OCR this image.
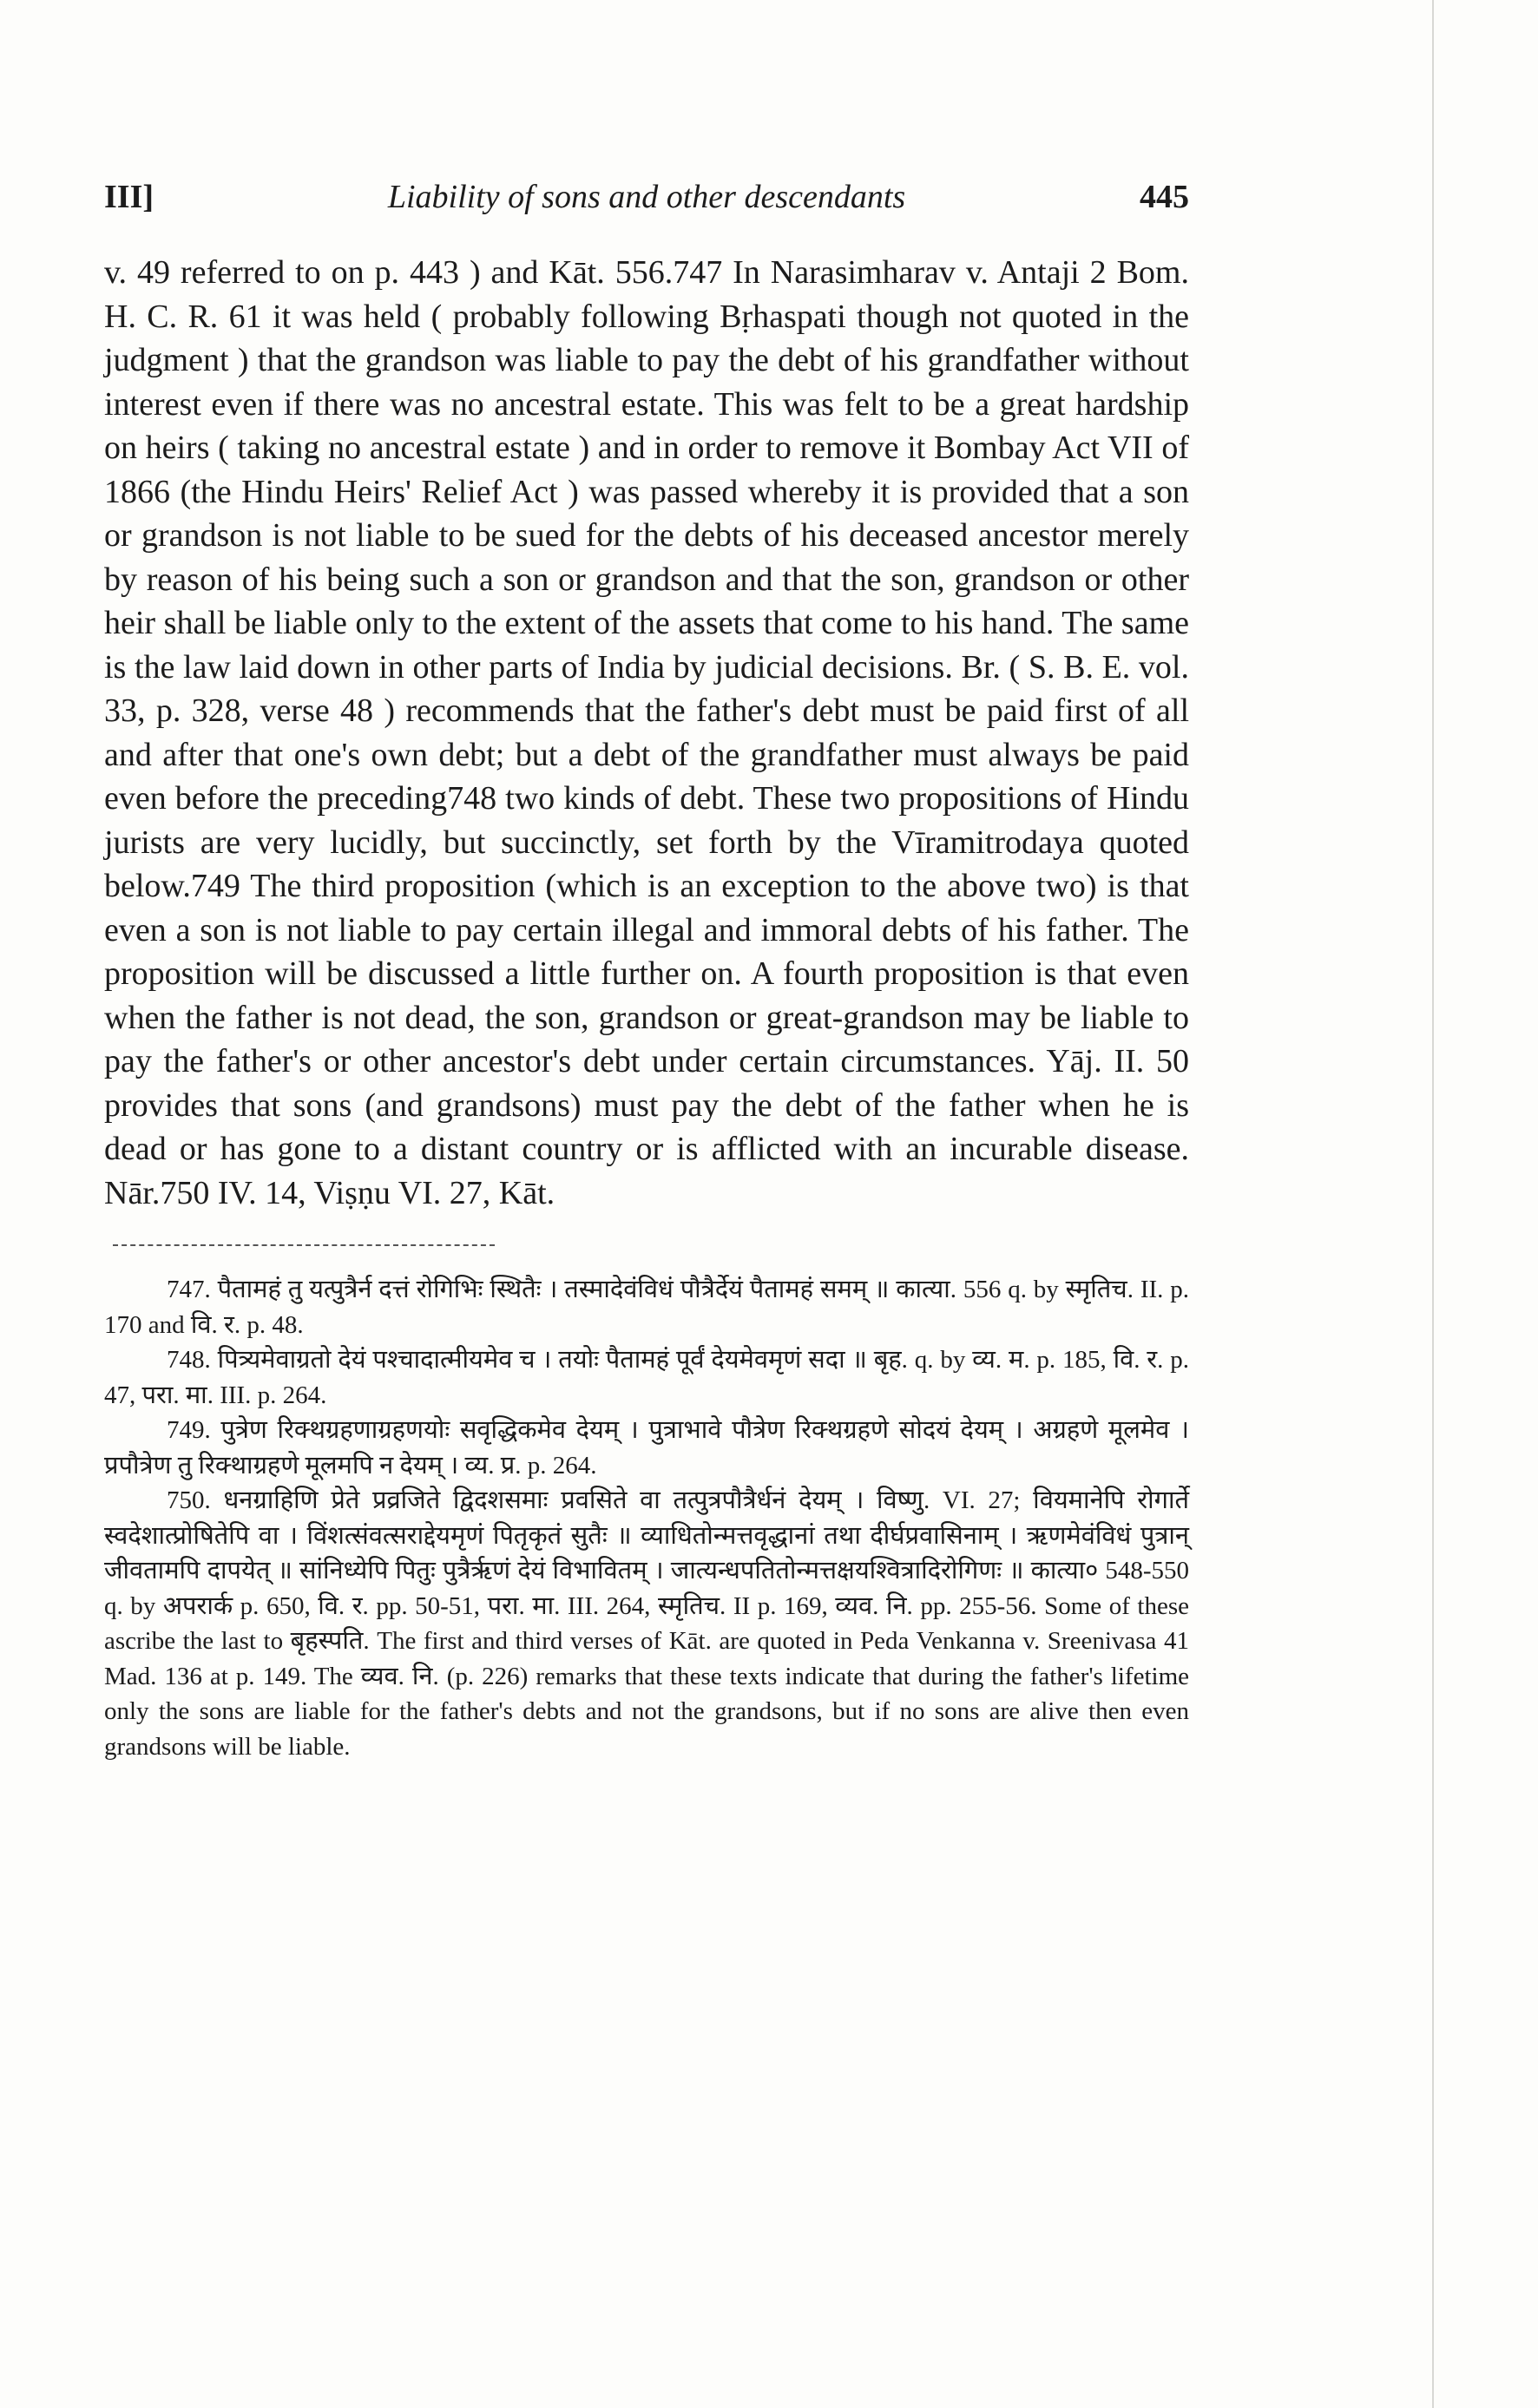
III]	Liability of sons and other descendants	445

v. 49 referred to on p. 443 ) and Kāt. 556.747 In Narasimharav v. Antaji 2 Bom. H. C. R. 61 it was held ( probably following Bṛhaspati though not quoted in the judgment ) that the grandson was liable to pay the debt of his grandfather without interest even if there was no ancestral estate. This was felt to be a great hardship on heirs ( taking no ancestral estate ) and in order to remove it Bombay Act VII of 1866 (the Hindu Heirs' Relief Act ) was passed whereby it is provided that a son or grandson is not liable to be sued for the debts of his deceased ancestor merely by reason of his being such a son or grandson and that the son, grandson or other heir shall be liable only to the extent of the assets that come to his hand. The same is the law laid down in other parts of India by judicial decisions. Br. ( S. B. E. vol. 33, p. 328, verse 48 ) recommends that the father's debt must be paid first of all and after that one's own debt; but a debt of the grandfather must always be paid even before the preceding748 two kinds of debt. These two propositions of Hindu jurists are very lucidly, but succinctly, set forth by the Vīramitrodaya quoted below.749 The third proposition (which is an exception to the above two) is that even a son is not liable to pay certain illegal and immoral debts of his father. The proposition will be discussed a little further on. A fourth proposition is that even when the father is not dead, the son, grandson or great-grandson may be liable to pay the father's or other ancestor's debt under certain circumstances. Yāj. II. 50 provides that sons (and grandsons) must pay the debt of the father when he is dead or has gone to a distant country or is afflicted with an incurable disease. Nār.750 IV. 14, Viṣṇu VI. 27, Kāt.

747. पैतामहं तु यत्पुत्रैर्न दत्तं रोगिभिः स्थितैः । तस्मादेवंविधं पौत्रैर्देयं पैतामहं समम् ॥ कात्या. 556 q. by स्मृतिच. II. p. 170 and वि. र. p. 48.

748. पित्र्यमेवाग्रतो देयं पश्चादात्मीयमेव च । तयोः पैतामहं पूर्वं देयमेवमृणं सदा ॥ बृह. q. by व्य. म. p. 185, वि. र. p. 47, परा. मा. III. p. 264.

749. पुत्रेण रिक्थग्रहणाग्रहणयोः सवृद्धिकमेव देयम् । पुत्राभावे पौत्रेण रिक्थग्रहणे सोदयं देयम् । अग्रहणे मूलमेव । प्रपौत्रेण तु रिक्थाग्रहणे मूलमपि न देयम् । व्य. प्र. p. 264.

750. धनग्राहिणि प्रेते प्रव्रजिते द्विदशसमाः प्रवसिते वा तत्पुत्रपौत्रैर्धनं देयम् । विष्णु. VI. 27; वियमानेपि रोगार्ते स्वदेशात्प्रोषितेपि वा । विंशत्संवत्सराद्देयमृणं पितृकृतं सुतैः ॥ व्याधितोन्मत्तवृद्धानां तथा दीर्घप्रवासिनाम् । ऋणमेवंविधं पुत्रान् जीवतामपि दापयेत् ॥ सांनिध्येपि पितुः पुत्रैर्ऋणं देयं विभावितम् । जात्यन्धपतितोन्मत्तक्षयश्वित्रादिरोगिणः ॥ कात्या० 548-550 q. by अपरार्क p. 650, वि. र. pp. 50-51, परा. मा. III. 264, स्मृतिच. II p. 169, व्यव. नि. pp. 255-56. Some of these ascribe the last to बृहस्पति. The first and third verses of Kāt. are quoted in Peda Venkanna v. Sreenivasa 41 Mad. 136 at p. 149. The व्यव. नि. (p. 226) remarks that these texts indicate that during the father's lifetime only the sons are liable for the father's debts and not the grandsons, but if no sons are alive then even grandsons will be liable.
